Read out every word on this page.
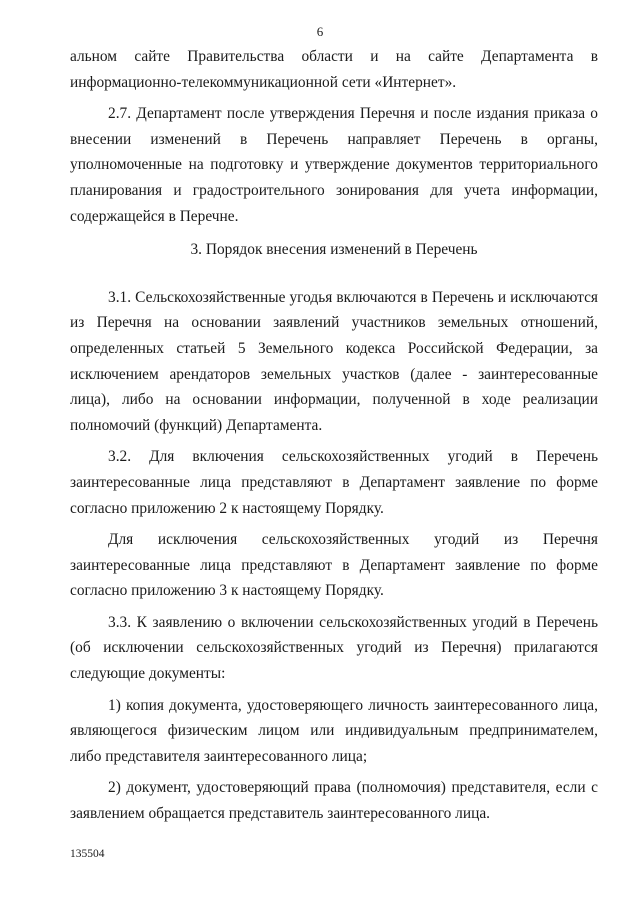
6

альном сайте Правительства области и на сайте Департамента в информационно-телекоммуникационной сети «Интернет».

2.7. Департамент после утверждения Перечня и после издания приказа о внесении изменений в Перечень направляет Перечень в органы, уполномоченные на подготовку и утверждение документов территориального планирования и градостроительного зонирования для учета информации, содержащейся в Перечне.

3. Порядок внесения изменений в Перечень

3.1. Сельскохозяйственные угодья включаются в Перечень и исключаются из Перечня на основании заявлений участников земельных отношений, определенных статьей 5 Земельного кодекса Российской Федерации, за исключением арендаторов земельных участков (далее - заинтересованные лица), либо на основании информации, полученной в ходе реализации полномочий (функций) Департамента.

3.2. Для включения сельскохозяйственных угодий в Перечень заинтересованные лица представляют в Департамент заявление по форме согласно приложению 2 к настоящему Порядку.

Для исключения сельскохозяйственных угодий из Перечня заинтересованные лица представляют в Департамент заявление по форме согласно приложению 3 к настоящему Порядку.

3.3. К заявлению о включении сельскохозяйственных угодий в Перечень (об исключении сельскохозяйственных угодий из Перечня) прилагаются следующие документы:

1) копия документа, удостоверяющего личность заинтересованного лица, являющегося физическим лицом или индивидуальным предпринимателем, либо представителя заинтересованного лица;

2) документ, удостоверяющий права (полномочия) представителя, если с заявлением обращается представитель заинтересованного лица.

135504
